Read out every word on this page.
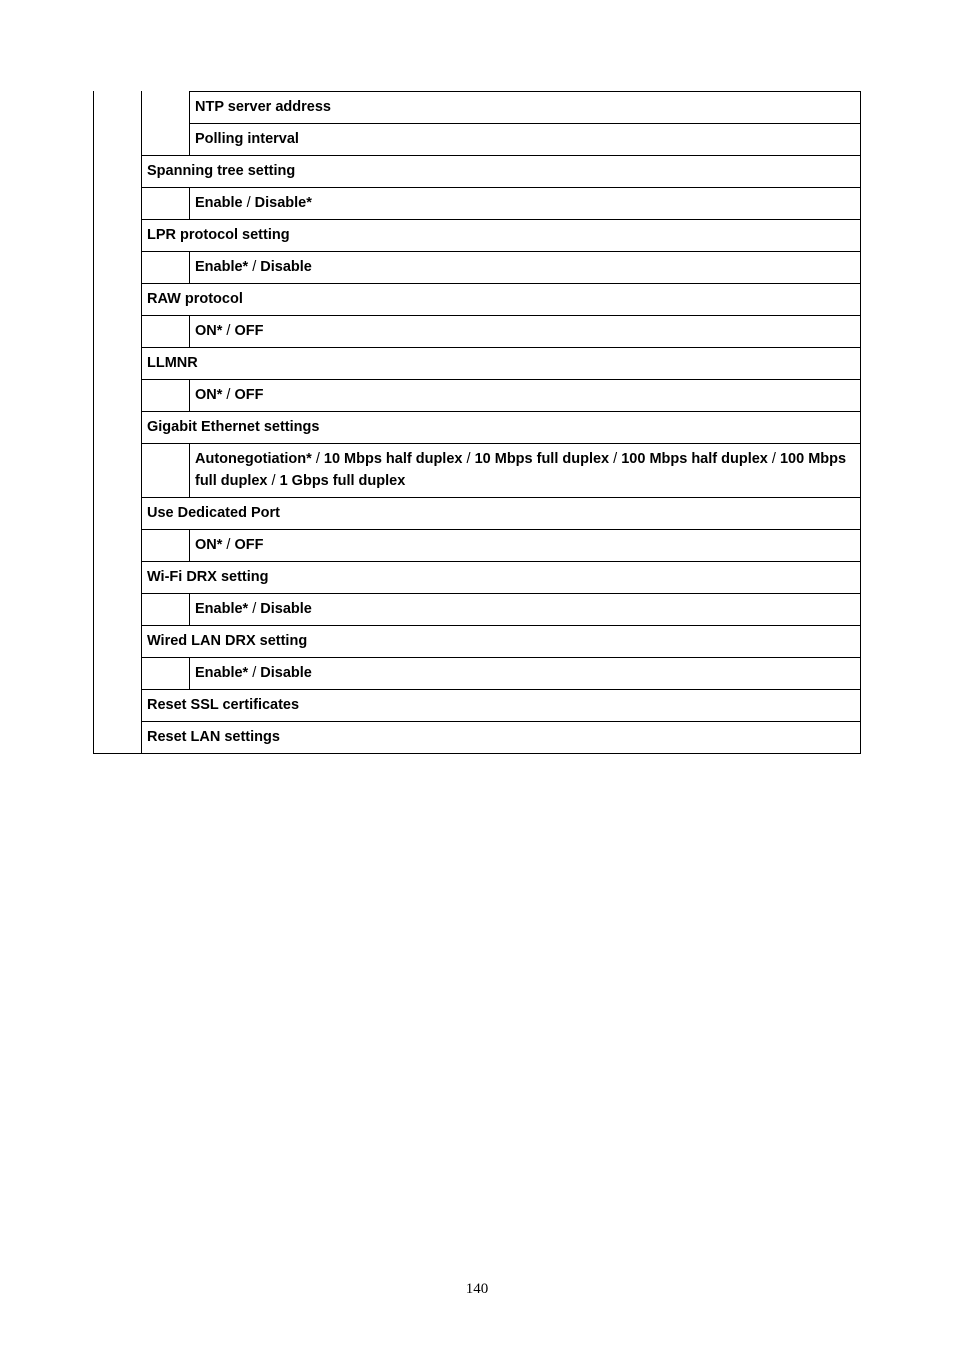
NTP server address
Polling interval
Spanning tree setting
Enable / Disable*
LPR protocol setting
Enable* / Disable
RAW protocol
ON* / OFF
LLMNR
ON* / OFF
Gigabit Ethernet settings
Autonegotiation* / 10 Mbps half duplex / 10 Mbps full duplex / 100 Mbps half duplex / 100 Mbps full duplex / 1 Gbps full duplex
Use Dedicated Port
ON* / OFF
Wi-Fi DRX setting
Enable* / Disable
Wired LAN DRX setting
Enable* / Disable
Reset SSL certificates
Reset LAN settings
140
